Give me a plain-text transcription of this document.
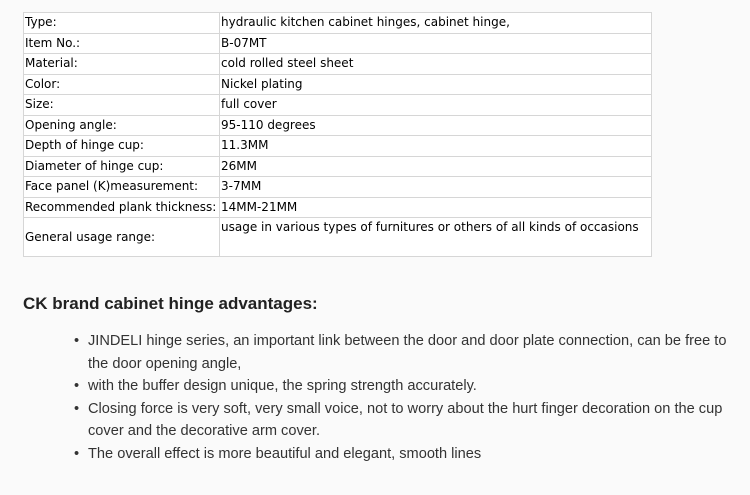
Type:	hydraulic kitchen cabinet hinges, cabinet hinge,
Item No.:	B-07MT
Material:	cold rolled steel sheet
Color:	Nickel plating
Size:	full cover
Opening angle:	95-110 degrees
Depth of hinge cup:	11.3MM
Diameter of hinge cup:	26MM
Face panel (K)measurement:	3-7MM
Recommended plank thickness:	14MM-21MM
General usage range:	usage in various types of furnitures or others of all kinds of occasions
CK brand cabinet hinge advantages:
• JINDELI hinge series, an important link between the door and door plate connection, can be free to the door opening angle,
• with the buffer design unique, the spring strength accurately.
• Closing force is very soft, very small voice, not to worry about the hurt finger decoration on the cup cover and the decorative arm cover.
• The overall effect is more beautiful and elegant, smooth lines
